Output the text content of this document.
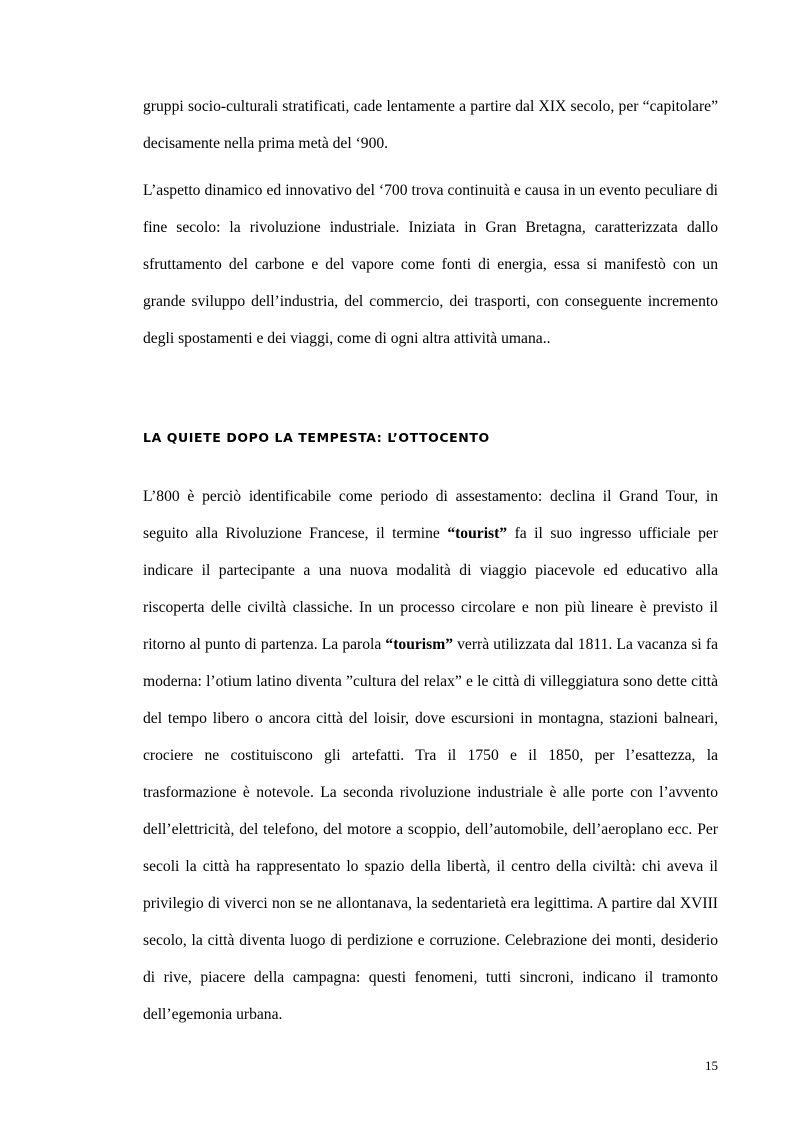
gruppi socio-culturali stratificati, cade lentamente a partire dal XIX secolo, per “capitolare” decisamente nella prima metà del ‘900.

L’aspetto dinamico ed innovativo del ‘700 trova continuità e causa in un evento peculiare di fine secolo: la rivoluzione industriale. Iniziata in Gran Bretagna, caratterizzata dallo sfruttamento del carbone e del vapore come fonti di energia, essa si manifestò con un grande sviluppo dell’industria, del commercio, dei trasporti, con conseguente incremento degli spostamenti e dei viaggi, come di ogni altra attività umana..

LA QUIETE DOPO LA TEMPESTA: L’OTTOCENTO

L’800 è perciò identificabile come periodo di assestamento: declina il Grand Tour, in seguito alla Rivoluzione Francese, il termine “tourist” fa il suo ingresso ufficiale per indicare il partecipante a una nuova modalità di viaggio piacevole ed educativo alla riscoperta delle civiltà classiche. In un processo circolare e non più lineare è previsto il ritorno al punto di partenza. La parola “tourism” verrà utilizzata dal 1811. La vacanza si fa moderna: l’otium latino diventa ”cultura del relax” e le città di villeggiatura sono dette città del tempo libero o ancora città del loisir, dove escursioni in montagna, stazioni balneari, crociere ne costituiscono gli artefatti. Tra il 1750 e il 1850, per l’esattezza, la trasformazione è notevole. La seconda rivoluzione industriale è alle porte con l’avvento dell’elettricità, del telefono, del motore a scoppio, dell’automobile, dell’aeroplano ecc. Per secoli la città ha rappresentato lo spazio della libertà, il centro della civiltà: chi aveva il privilegio di viverci non se ne allontanava, la sedentarietà era legittima. A partire dal XVIII secolo, la città diventa luogo di perdizione e corruzione. Celebrazione dei monti, desiderio di rive, piacere della campagna: questi fenomeni, tutti sincroni, indicano il tramonto dell’egemonia urbana.

15
